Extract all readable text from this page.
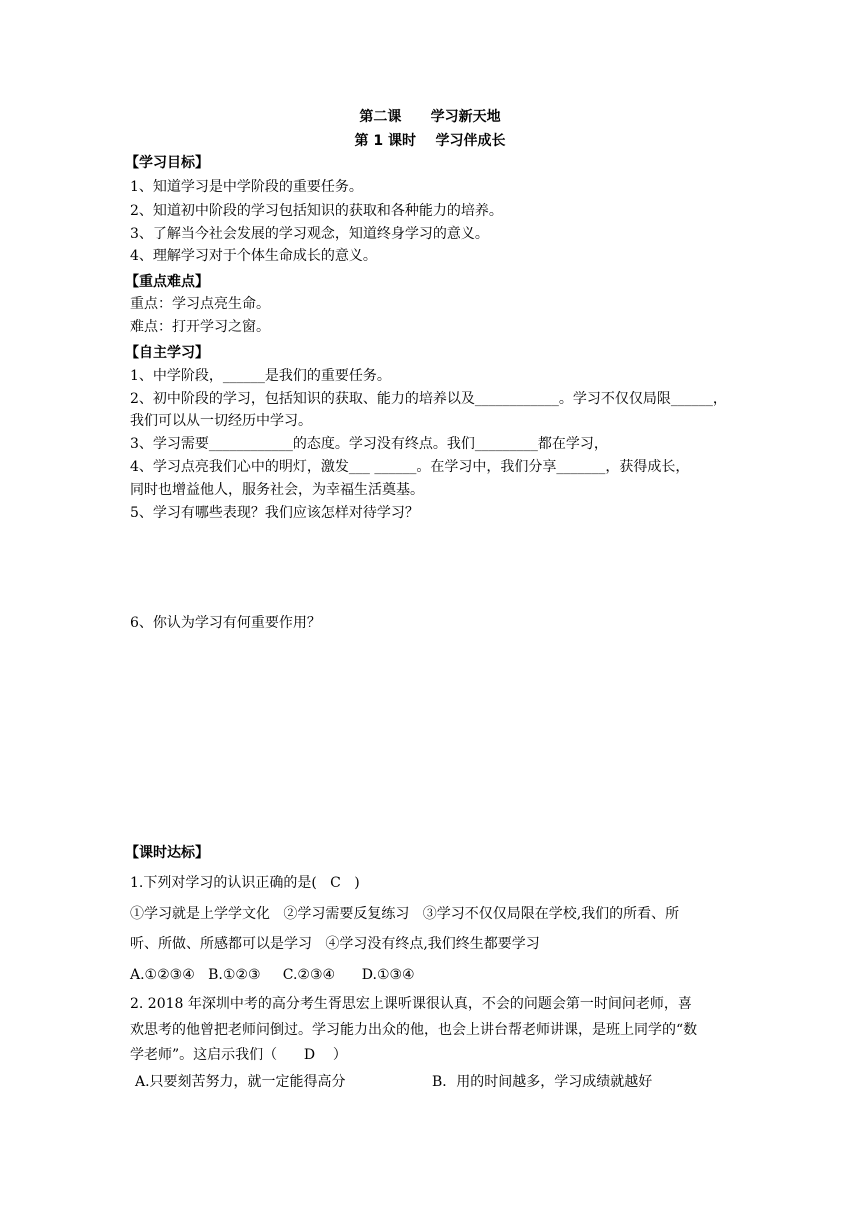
第二课      学习新天地
第 1 课时    学习伴成长
【学习目标】
1、知道学习是中学阶段的重要任务。
2、知道初中阶段的学习包括知识的获取和各种能力的培养。
3、了解当今社会发展的学习观念，知道终身学习的意义。
4、理解学习对于个体生命成长的意义。
【重点难点】
重点：学习点亮生命。
难点：打开学习之窗。
【自主学习】
1、中学阶段，______是我们的重要任务。
2、初中阶段的学习，包括知识的获取、能力的培养以及____________。学习不仅仅局限______，
我们可以从一切经历中学习。
3、学习需要____________的态度。学习没有终点。我们_________都在学习，
4、学习点亮我们心中的明灯，激发___ ______。在学习中，我们分享_______，获得成长，
同时也增益他人，服务社会，为幸福生活奠基。
5、学习有哪些表现？我们应该怎样对待学习？
6、你认为学习有何重要作用？
【课时达标】
1.下列对学习的认识正确的是(   C   )
①学习就是上学学文化   ②学习需要反复练习   ③学习不仅仅局限在学校,我们的所看、所
听、所做、所感都可以是学习   ④学习没有终点,我们终生都要学习
A.①②③④   B.①②③     C.②③④      D.①③④
2. 2018 年深圳中考的高分考生胥思宏上课听课很认真，不会的问题会第一时间问老师，喜
欢思考的他曾把老师问倒过。学习能力出众的他，也会上讲台帮老师讲课，是班上同学的“数
学老师”。这启示我们（      D    ）
A.只要刻苦努力，就一定能得高分	B．用的时间越多，学习成绩就越好
